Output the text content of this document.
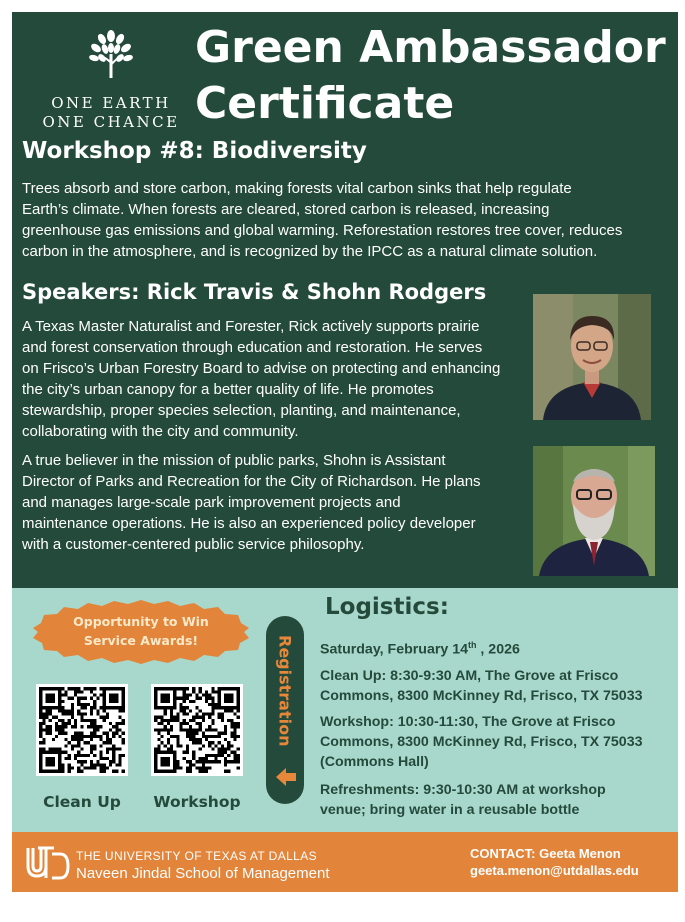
ONE EARTH
ONE CHANCE
Green Ambassador
Certificate
Workshop #8: Biodiversity
Trees absorb and store carbon, making forests vital carbon sinks that help regulate
Earth’s climate. When forests are cleared, stored carbon is released, increasing
greenhouse gas emissions and global warming. Reforestation restores tree cover, reduces
carbon in the atmosphere, and is recognized by the IPCC as a natural climate solution.
Speakers: Rick Travis & Shohn Rodgers
A Texas Master Naturalist and Forester, Rick actively supports prairie
and forest conservation through education and restoration. He serves
on Frisco’s Urban Forestry Board to advise on protecting and enhancing
the city’s urban canopy for a better quality of life. He promotes
stewardship, proper species selection, planting, and maintenance,
collaborating with the city and community.
A true believer in the mission of public parks, Shohn is Assistant
Director of Parks and Recreation for the City of Richardson. He plans
and manages large-scale park improvement projects and
maintenance operations. He is also an experienced policy developer
with a customer-centered public service philosophy.
Opportunity to Win
Service Awards!
Clean Up	Workshop
Registration
Logistics:
Saturday, February 14th , 2026
Clean Up: 8:30-9:30 AM, The Grove at Frisco
Commons, 8300 McKinney Rd, Frisco, TX 75033
Workshop: 10:30-11:30, The Grove at Frisco
Commons, 8300 McKinney Rd, Frisco, TX 75033
(Commons Hall)
Refreshments: 9:30-10:30 AM at workshop
venue; bring water in a reusable bottle
THE UNIVERSITY OF TEXAS AT DALLAS
Naveen Jindal School of Management
CONTACT: Geeta Menon
geeta.menon@utdallas.edu
